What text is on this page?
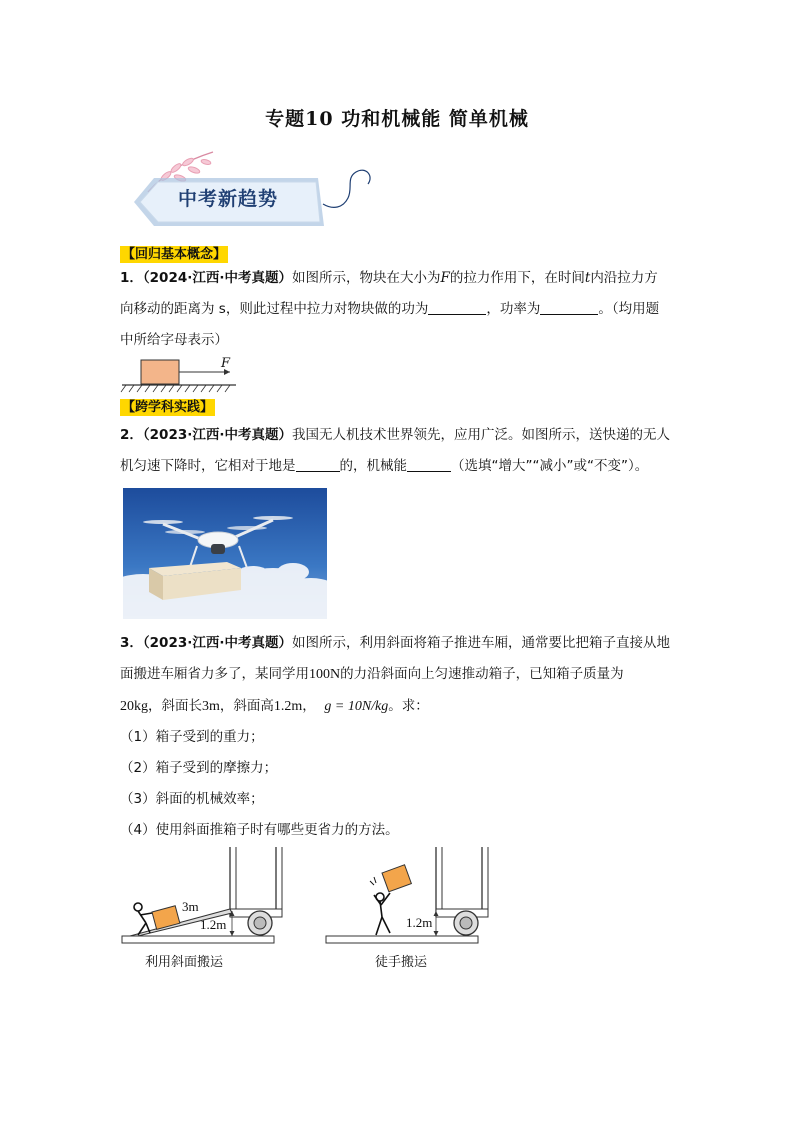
专题10 功和机械能 简单机械
中考新趋势
【回归基本概念】
1．（2024·江西·中考真题）如图所示，物块在大小为F的拉力作用下，在时间t内沿拉力方
向移动的距离为 s，则此过程中拉力对物块做的功为	，功率为	。（均用题
中所给字母表示）
F
【跨学科实践】
2．（2023·江西·中考真题）我国无人机技术世界领先，应用广泛。如图所示，送快递的无人
机匀速下降时，它相对于地是	的，机械能	（选填“增大”“减小”或“不变”）。
3．（2023·江西·中考真题）如图所示，利用斜面将箱子推进车厢，通常要比把箱子直接从地
面搬进车厢省力多了，某同学用100N的力沿斜面向上匀速推动箱子，已知箱子质量为
20kg，斜面长3m，斜面高1.2m， g = 10N/kg。求：
（1）箱子受到的重力；
（2）箱子受到的摩擦力；
（3）斜面的机械效率；
（4）使用斜面推箱子时有哪些更省力的方法。
3m
1.2m
利用斜面搬运
1.2m
徒手搬运
